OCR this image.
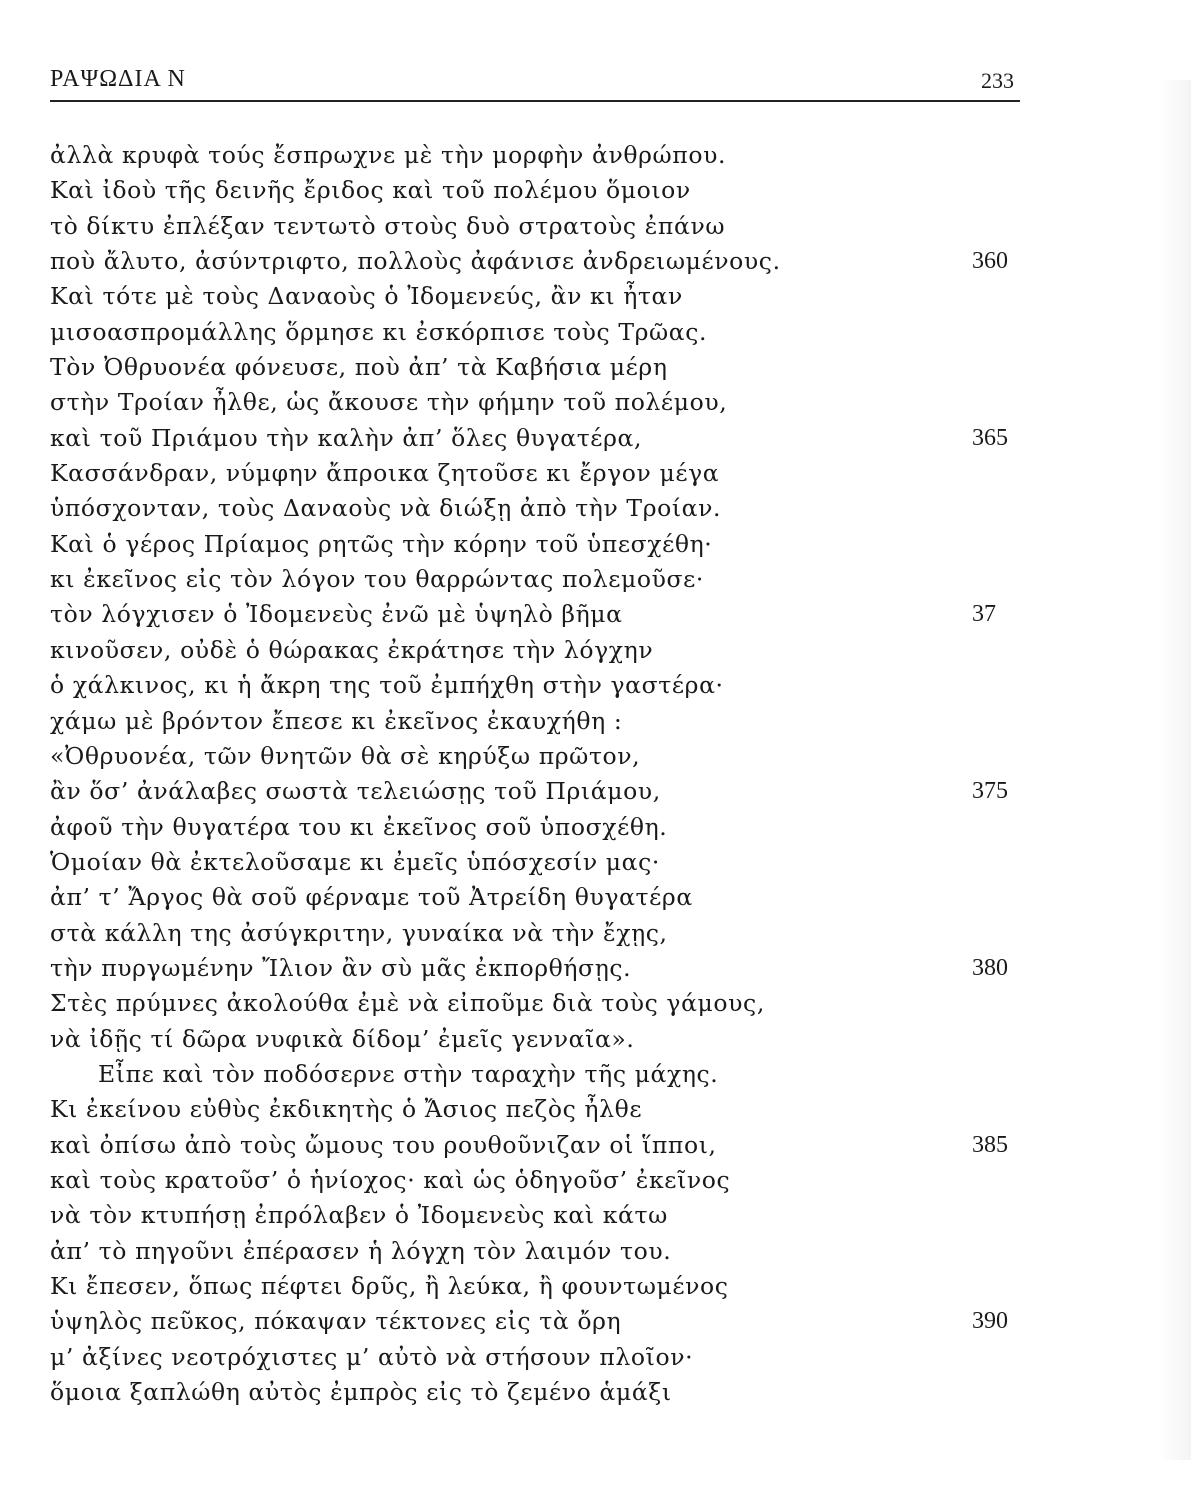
ΡΑΨΩΔΙΑ Ν	233
ἀλλὰ κρυφὰ τούς ἔσπρωχνε μὲ τὴν μορφὴν ἀνθρώπου.
Καὶ ἰδοὺ τῆς δεινῆς ἔριδος καὶ τοῦ πολέμου ὅμοιον
τὸ δίκτυ ἐπλέξαν τεντωτὸ στοὺς δυὸ στρατοὺς ἐπάνω
ποὺ ἄλυτο, ἀσύντριφτο, πολλοὺς ἀφάνισε ἀνδρειωμένους.	360
Καὶ τότε μὲ τοὺς Δαναοὺς ὁ Ἰδομενεύς, ἂν κι ἦταν
μισοασπρομάλλης ὅρμησε κι ἐσκόρπισε τοὺς Τρῶας.
Τὸν Ὀθρυονέα φόνευσε, ποὺ ἀπ’ τὰ Καβήσια μέρη
στὴν Τροίαν ἦλθε, ὡς ἄκουσε τὴν φήμην τοῦ πολέμου,
καὶ τοῦ Πριάμου τὴν καλὴν ἀπ’ ὅλες θυγατέρα,	365
Κασσάνδραν, νύμφην ἄπροικα ζητοῦσε κι ἔργον μέγα
ὑπόσχονταν, τοὺς Δαναοὺς νὰ διώξῃ ἀπὸ τὴν Τροίαν.
Καὶ ὁ γέρος Πρίαμος ρητῶς τὴν κόρην τοῦ ὑπεσχέθη·
κι ἐκεῖνος εἰς τὸν λόγον του θαρρώντας πολεμοῦσε·
τὸν λόγχισεν ὁ Ἰδομενεὺς ἐνῶ μὲ ὑψηλὸ βῆμα	37
κινοῦσεν, οὐδὲ ὁ θώρακας ἐκράτησε τὴν λόγχην
ὁ χάλκινος, κι ἡ ἄκρη της τοῦ ἐμπήχθη στὴν γαστέρα·
χάμω μὲ βρόντον ἔπεσε κι ἐκεῖνος ἐκαυχήθη :
«Ὀθρυονέα, τῶν θνητῶν θὰ σὲ κηρύξω πρῶτον,
ἂν ὅσ’ ἀνάλαβες σωστὰ τελειώσῃς τοῦ Πριάμου,	375
ἀφοῦ τὴν θυγατέρα του κι ἐκεῖνος σοῦ ὑποσχέθη.
Ὁμοίαν θὰ ἐκτελοῦσαμε κι ἐμεῖς ὑπόσχεσίν μας·
ἀπ’ τ’ Ἄργος θὰ σοῦ φέρναμε τοῦ Ἀτρείδη θυγατέρα
στὰ κάλλη της ἀσύγκριτην, γυναίκα νὰ τὴν ἔχῃς,
τὴν πυργωμένην Ἴλιον ἂν σὺ μᾶς ἐκπορθήσῃς.	380
Στὲς πρύμνες ἀκολούθα ἐμὲ νὰ εἰποῦμε διὰ τοὺς γάμους,
νὰ ἰδῇς τί δῶρα νυφικὰ δίδομ’ ἐμεῖς γενναῖα».
Εἶπε καὶ τὸν ποδόσερνε στὴν ταραχὴν τῆς μάχης.
Κι ἐκείνου εὐθὺς ἐκδικητὴς ὁ Ἄσιος πεζὸς ἦλθε
καὶ ὀπίσω ἀπὸ τοὺς ὤμους του ρουθοῦνιζαν οἱ ἵπποι,	385
καὶ τοὺς κρατοῦσ’ ὁ ἡνίοχος· καὶ ὡς ὁδηγοῦσ’ ἐκεῖνος
νὰ τὸν κτυπήσῃ ἐπρόλαβεν ὁ Ἰδομενεὺς καὶ κάτω
ἀπ’ τὸ πηγοῦνι ἐπέρασεν ἡ λόγχη τὸν λαιμόν του.
Κι ἔπεσεν, ὅπως πέφτει δρῦς, ἢ λεύκα, ἢ φουντωμένος
ὑψηλὸς πεῦκος, πόκαψαν τέκτονες εἰς τὰ ὄρη	390
μ’ ἀξίνες νεοτρόχιστες μ’ αὐτὸ νὰ στήσουν πλοῖον·
ὅμοια ξαπλώθη αὐτὸς ἐμπρὸς εἰς τὸ ζεμένο ἁμάξι
